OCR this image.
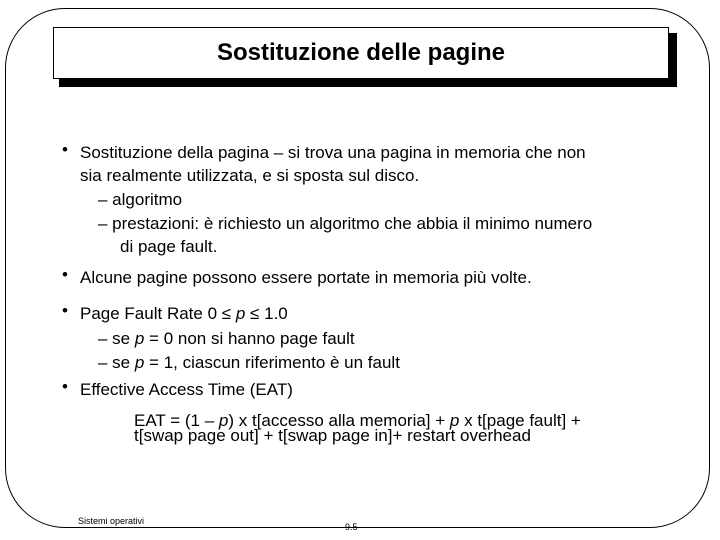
Sostituzione delle pagine
• Sostituzione della pagina – si trova una pagina in memoria che non
sia realmente utilizzata, e si sposta sul disco.
– algoritmo
– prestazioni: è richiesto un algoritmo che abbia il minimo numero
di page fault.
• Alcune pagine possono essere portate in memoria più volte.
• Page Fault Rate 0 ≤ p ≤ 1.0
– se p = 0 non si hanno page fault
– se p = 1, ciascun riferimento è un fault
• Effective Access Time (EAT)
EAT = (1 – p) x t[accesso alla memoria] + p x t[page fault] +
t[swap page out] + t[swap page in]+ restart overhead
Sistemi operativi
9.5
